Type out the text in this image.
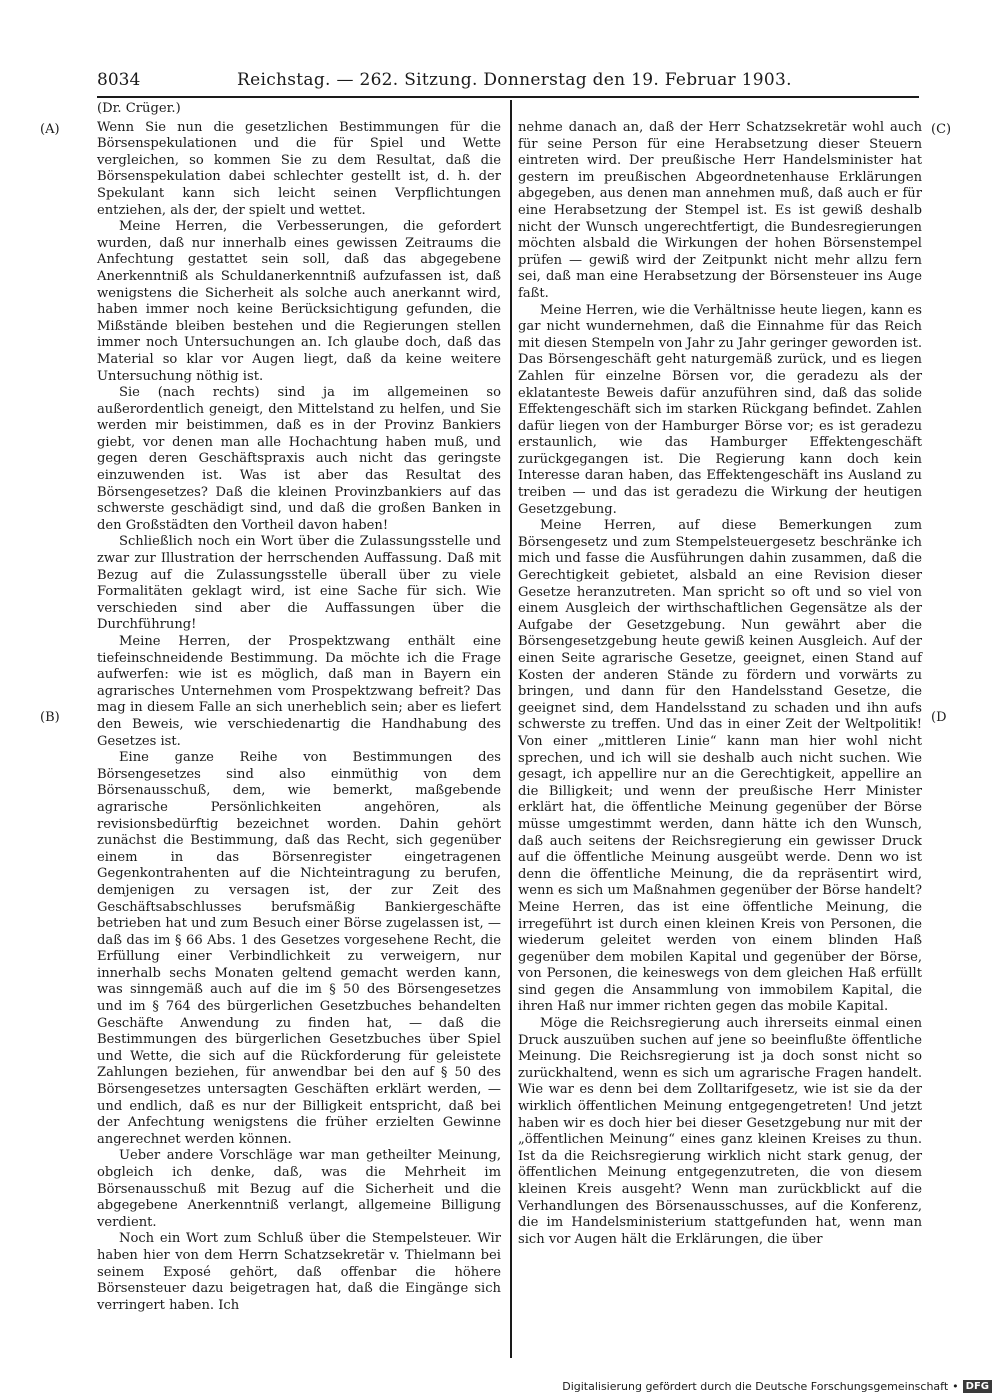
8034	Reichstag. — 262. Sitzung. Donnerstag den 19. Februar 1903.
(A)
(B)
(C)
(D
(Dr. Crüger.)

Wenn Sie nun die gesetzlichen Bestimmungen für die Börsenspekulationen und die für Spiel und Wette vergleichen, so kommen Sie zu dem Resultat, daß die Börsenspekulation dabei schlechter gestellt ist, d. h. der Spekulant kann sich leicht seinen Verpflichtungen entziehen, als der, der spielt und wettet.

Meine Herren, die Verbesserungen, die gefordert wurden, daß nur innerhalb eines gewissen Zeitraums die Anfechtung gestattet sein soll, daß das abgegebene Anerkenntniß als Schuldanerkenntniß aufzufassen ist, daß wenigstens die Sicherheit als solche auch anerkannt wird, haben immer noch keine Berücksichtigung gefunden, die Mißstände bleiben bestehen und die Regierungen stellen immer noch Untersuchungen an. Ich glaube doch, daß das Material so klar vor Augen liegt, daß da keine weitere Untersuchung nöthig ist.

Sie (nach rechts) sind ja im allgemeinen so außerordentlich geneigt, den Mittelstand zu helfen, und Sie werden mir beistimmen, daß es in der Provinz Bankiers giebt, vor denen man alle Hochachtung haben muß, und gegen deren Geschäftspraxis auch nicht das geringste einzuwenden ist. Was ist aber das Resultat des Börsengesetzes? Daß die kleinen Provinzbankiers auf das schwerste geschädigt sind, und daß die großen Banken in den Großstädten den Vortheil davon haben!

Schließlich noch ein Wort über die Zulassungsstelle und zwar zur Illustration der herrschenden Auffassung. Daß mit Bezug auf die Zulassungsstelle überall über zu viele Formalitäten geklagt wird, ist eine Sache für sich. Wie verschieden sind aber die Auffassungen über die Durchführung!

Meine Herren, der Prospektzwang enthält eine tiefeinschneidende Bestimmung. Da möchte ich die Frage aufwerfen: wie ist es möglich, daß man in Bayern ein agrarisches Unternehmen vom Prospektzwang befreit? Das mag in diesem Falle an sich unerheblich sein; aber es liefert den Beweis, wie verschiedenartig die Handhabung des Gesetzes ist.

Eine ganze Reihe von Bestimmungen des Börsengesetzes sind also einmüthig von dem Börsenausschuß, dem, wie bemerkt, maßgebende agrarische Persönlichkeiten angehören, als revisionsbedürftig bezeichnet worden. Dahin gehört zunächst die Bestimmung, daß das Recht, sich gegenüber einem in das Börsenregister eingetragenen Gegenkontrahenten auf die Nichteintragung zu berufen, demjenigen zu versagen ist, der zur Zeit des Geschäftsabschlusses berufsmäßig Bankiergeschäfte betrieben hat und zum Besuch einer Börse zugelassen ist, — daß das im § 66 Abs. 1 des Gesetzes vorgesehene Recht, die Erfüllung einer Verbindlichkeit zu verweigern, nur innerhalb sechs Monaten geltend gemacht werden kann, was sinngemäß auch auf die im § 50 des Börsengesetzes und im § 764 des bürgerlichen Gesetzbuches behandelten Geschäfte Anwendung zu finden hat, — daß die Bestimmungen des bürgerlichen Gesetzbuches über Spiel und Wette, die sich auf die Rückforderung für geleistete Zahlungen beziehen, für anwendbar bei den auf § 50 des Börsengesetzes untersagten Geschäften erklärt werden, — und endlich, daß es nur der Billigkeit entspricht, daß bei der Anfechtung wenigstens die früher erzielten Gewinne angerechnet werden können.

Ueber andere Vorschläge war man getheilter Meinung, obgleich ich denke, daß, was die Mehrheit im Börsenausschuß mit Bezug auf die Sicherheit und die abgegebene Anerkenntniß verlangt, allgemeine Billigung verdient.

Noch ein Wort zum Schluß über die Stempelsteuer. Wir haben hier von dem Herrn Schatzsekretär v. Thielmann bei seinem Exposé gehört, daß offenbar die höhere Börsensteuer dazu beigetragen hat, daß die Eingänge sich verringert haben. Ich

nehme danach an, daß der Herr Schatzsekretär wohl auch für seine Person für eine Herabsetzung dieser Steuern eintreten wird. Der preußische Herr Handelsminister hat gestern im preußischen Abgeordnetenhause Erklärungen abgegeben, aus denen man annehmen muß, daß auch er für eine Herabsetzung der Stempel ist. Es ist gewiß deshalb nicht der Wunsch ungerechtfertigt, die Bundesregierungen möchten alsbald die Wirkungen der hohen Börsenstempel prüfen — gewiß wird der Zeitpunkt nicht mehr allzu fern sei, daß man eine Herabsetzung der Börsensteuer ins Auge faßt.

Meine Herren, wie die Verhältnisse heute liegen, kann es gar nicht wundernehmen, daß die Einnahme für das Reich mit diesen Stempeln von Jahr zu Jahr geringer geworden ist. Das Börsengeschäft geht naturgemäß zurück, und es liegen Zahlen für einzelne Börsen vor, die geradezu als der eklatanteste Beweis dafür anzuführen sind, daß das solide Effektengeschäft sich im starken Rückgang befindet. Zahlen dafür liegen von der Hamburger Börse vor; es ist geradezu erstaunlich, wie das Hamburger Effektengeschäft zurückgegangen ist. Die Regierung kann doch kein Interesse daran haben, das Effektengeschäft ins Ausland zu treiben — und das ist geradezu die Wirkung der heutigen Gesetzgebung.

Meine Herren, auf diese Bemerkungen zum Börsengesetz und zum Stempelsteuergesetz beschränke ich mich und fasse die Ausführungen dahin zusammen, daß die Gerechtigkeit gebietet, alsbald an eine Revision dieser Gesetze heranzutreten. Man spricht so oft und so viel von einem Ausgleich der wirthschaftlichen Gegensätze als der Aufgabe der Gesetzgebung. Nun gewährt aber die Börsengesetzgebung heute gewiß keinen Ausgleich. Auf der einen Seite agrarische Gesetze, geeignet, einen Stand auf Kosten der anderen Stände zu fördern und vorwärts zu bringen, und dann für den Handelsstand Gesetze, die geeignet sind, dem Handelsstand zu schaden und ihn aufs schwerste zu treffen. Und das in einer Zeit der Weltpolitik! Von einer „mittleren Linie“ kann man hier wohl nicht sprechen, und ich will sie deshalb auch nicht suchen. Wie gesagt, ich appellire nur an die Gerechtigkeit, appellire an die Billigkeit; und wenn der preußische Herr Minister erklärt hat, die öffentliche Meinung gegenüber der Börse müsse umgestimmt werden, dann hätte ich den Wunsch, daß auch seitens der Reichsregierung ein gewisser Druck auf die öffentliche Meinung ausgeübt werde. Denn wo ist denn die öffentliche Meinung, die da repräsentirt wird, wenn es sich um Maßnahmen gegenüber der Börse handelt? Meine Herren, das ist eine öffentliche Meinung, die irregeführt ist durch einen kleinen Kreis von Personen, die wiederum geleitet werden von einem blinden Haß gegenüber dem mobilen Kapital und gegenüber der Börse, von Personen, die keineswegs von dem gleichen Haß erfüllt sind gegen die Ansammlung von immobilem Kapital, die ihren Haß nur immer richten gegen das mobile Kapital.

Möge die Reichsregierung auch ihrerseits einmal einen Druck auszuüben suchen auf jene so beeinflußte öffentliche Meinung. Die Reichsregierung ist ja doch sonst nicht so zurückhaltend, wenn es sich um agrarische Fragen handelt. Wie war es denn bei dem Zolltarifgesetz, wie ist sie da der wirklich öffentlichen Meinung entgegengetreten! Und jetzt haben wir es doch hier bei dieser Gesetzgebung nur mit der „öffentlichen Meinung“ eines ganz kleinen Kreises zu thun. Ist da die Reichsregierung wirklich nicht stark genug, der öffentlichen Meinung entgegenzutreten, die von diesem kleinen Kreis ausgeht? Wenn man zurückblickt auf die Verhandlungen des Börsenausschusses, auf die Konferenz, die im Handelsministerium stattgefunden hat, wenn man sich vor Augen hält die Erklärungen, die über

Digitalisierung gefördert durch die Deutsche Forschungsgemeinschaft • DFG
